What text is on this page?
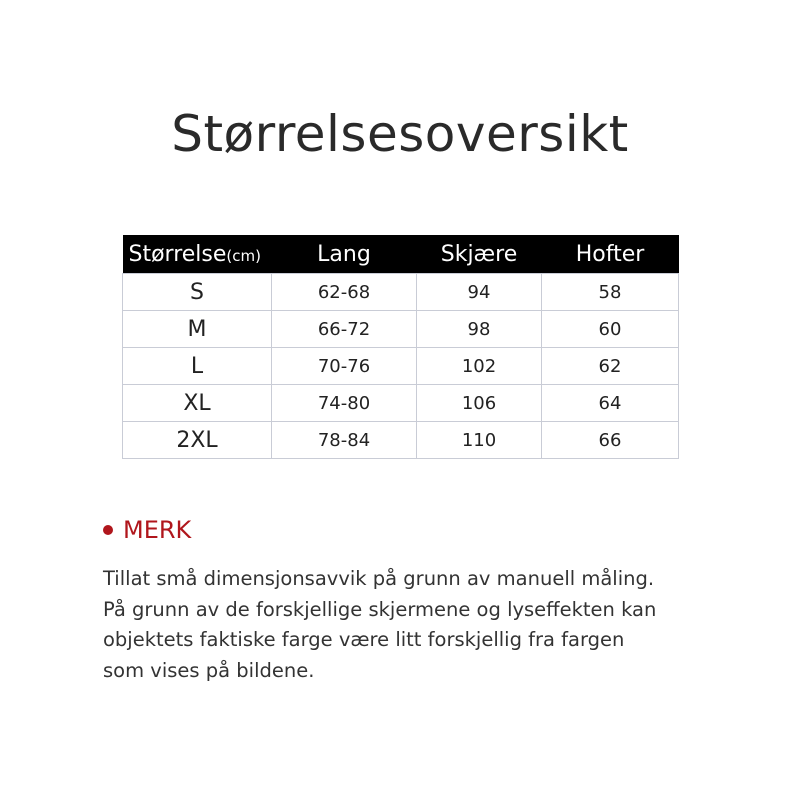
Størrelsesoversikt
Størrelse(cm)	Lang	Skjære	Hofter
S	62-68	94	58
M	66-72	98	60
L	70-76	102	62
XL	74-80	106	64
2XL	78-84	110	66
MERK

Tillat små dimensjonsavvik på grunn av manuell måling.

På grunn av de forskjellige skjermene og lyseffekten kan

objektets faktiske farge være litt forskjellig fra fargen

som vises på bildene.
